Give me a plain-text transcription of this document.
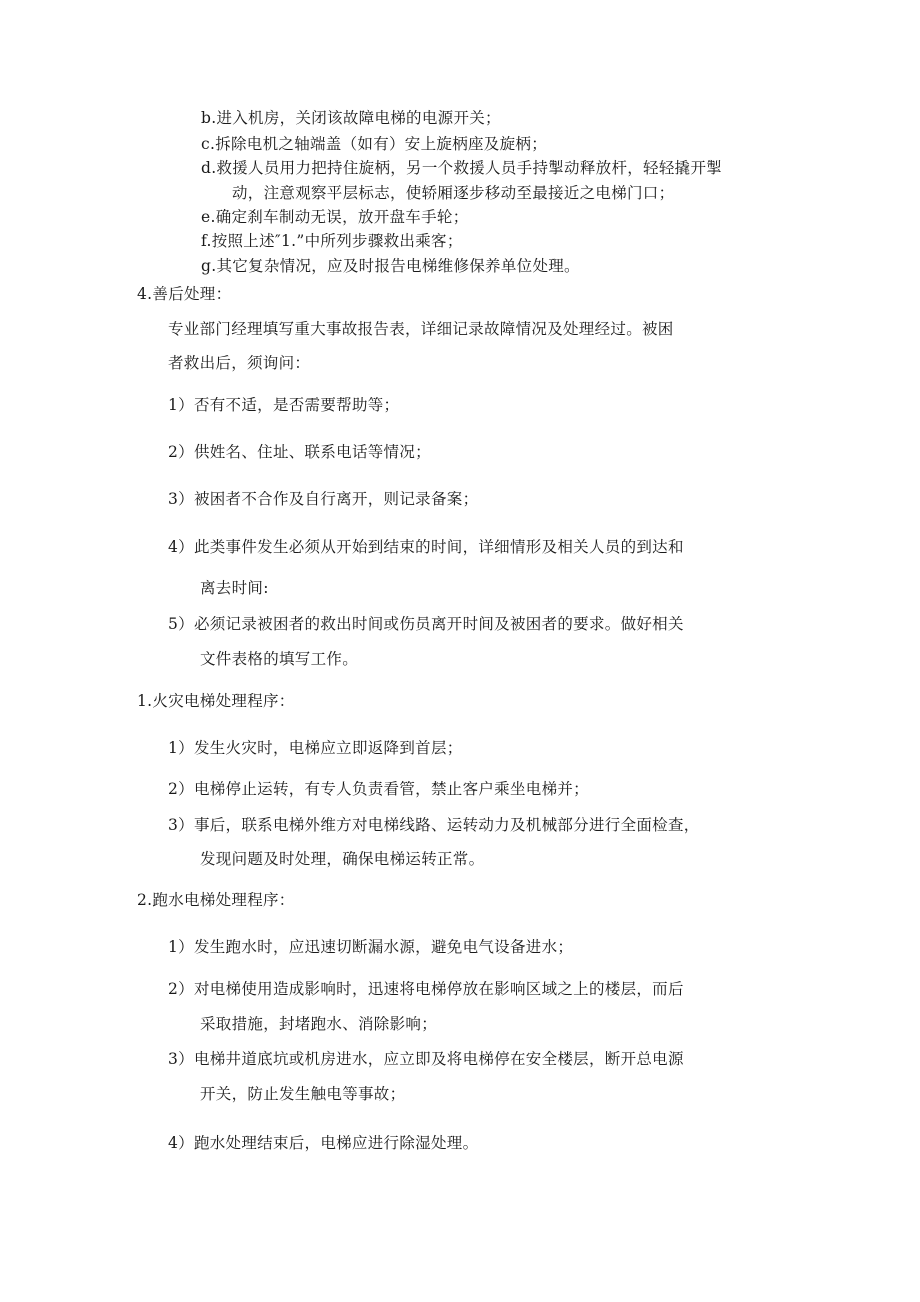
b.进入机房，关闭该故障电梯的电源开关；
c.拆除电机之轴端盖（如有）安上旋柄座及旋柄；
d.救援人员用力把持住旋柄，另一个救援人员手持掣动释放杆，轻轻撬开掣
动，注意观察平层标志，使轿厢逐步移动至最接近之电梯门口；
e.确定刹车制动无误，放开盘车手轮；
f.按照上述″1.”中所列步骤救出乘客；
g.其它复杂情况，应及时报告电梯维修保养单位处理。
4.善后处理：
专业部门经理填写重大事故报告表，详细记录故障情况及处理经过。被困
者救出后，须询问：
1）否有不适，是否需要帮助等；
2）供姓名、住址、联系电话等情况；
3）被困者不合作及自行离开，则记录备案；
4）此类事件发生必须从开始到结束的时间，详细情形及相关人员的到达和
离去时间:
5）必须记录被困者的救出时间或伤员离开时间及被困者的要求。做好相关
文件表格的填写工作。
1.火灾电梯处理程序：
1）发生火灾时，电梯应立即返降到首层；
2）电梯停止运转，有专人负责看管，禁止客户乘坐电梯并；
3）事后，联系电梯外维方对电梯线路、运转动力及机械部分进行全面检查，
发现问题及时处理，确保电梯运转正常。
2.跑水电梯处理程序：
1）发生跑水时，应迅速切断漏水源，避免电气设备进水；
2）对电梯使用造成影响时，迅速将电梯停放在影响区域之上的楼层，而后
采取措施，封堵跑水、消除影响；
3）电梯井道底坑或机房进水，应立即及将电梯停在安全楼层，断开总电源
开关，防止发生触电等事故；
4）跑水处理结束后，电梯应进行除湿处理。
